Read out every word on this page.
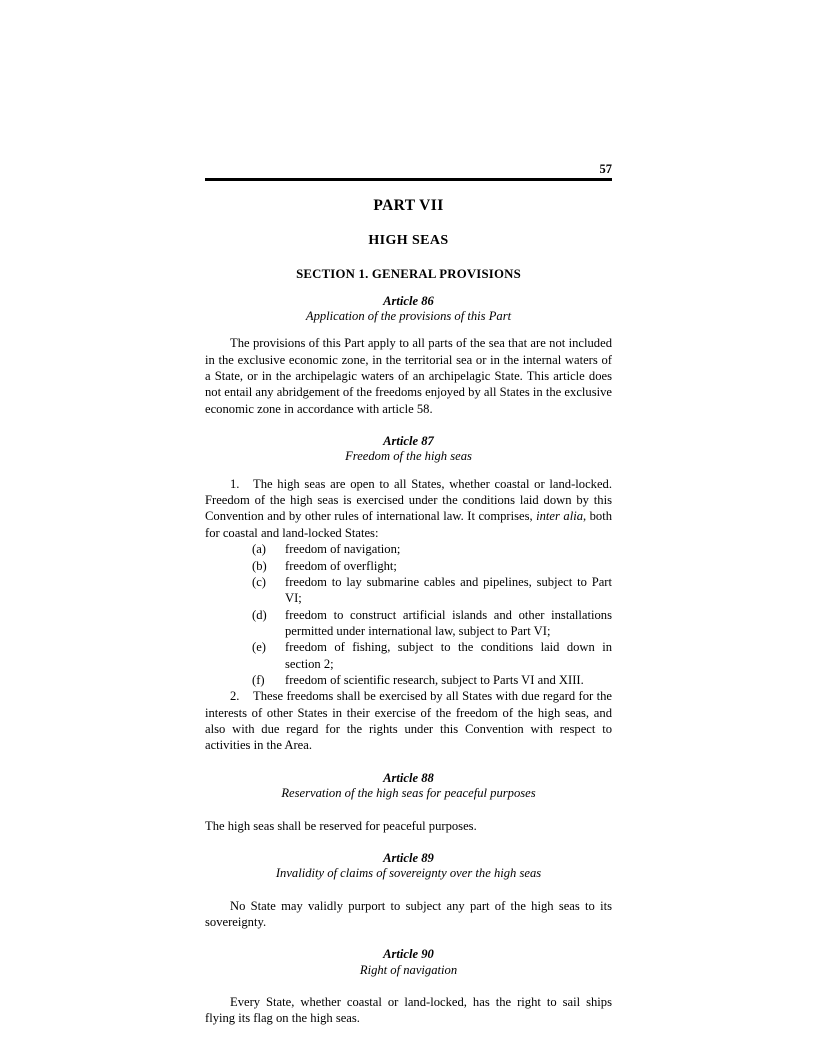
57
PART VII
HIGH SEAS
SECTION 1. GENERAL PROVISIONS
Article 86
Application of the provisions of this Part

The provisions of this Part apply to all parts of the sea that are not included in the exclusive economic zone, in the territorial sea or in the internal waters of a State, or in the archipelagic waters of an archipelagic State. This article does not entail any abridgement of the freedoms enjoyed by all States in the exclusive economic zone in accordance with article 58.

Article 87
Freedom of the high seas

1. The high seas are open to all States, whether coastal or land-locked. Freedom of the high seas is exercised under the conditions laid down by this Convention and by other rules of international law. It comprises, inter alia, both for coastal and land-locked States:

(a) freedom of navigation;
(b) freedom of overflight;
(c) freedom to lay submarine cables and pipelines, subject to Part VI;
(d) freedom to construct artificial islands and other installations permitted under international law, subject to Part VI;
(e) freedom of fishing, subject to the conditions laid down in section 2;
(f) freedom of scientific research, subject to Parts VI and XIII.

2. These freedoms shall be exercised by all States with due regard for the interests of other States in their exercise of the freedom of the high seas, and also with due regard for the rights under this Convention with respect to activities in the Area.

Article 88
Reservation of the high seas for peaceful purposes

The high seas shall be reserved for peaceful purposes.

Article 89
Invalidity of claims of sovereignty over the high seas

No State may validly purport to subject any part of the high seas to its sovereignty.

Article 90
Right of navigation

Every State, whether coastal or land-locked, has the right to sail ships flying its flag on the high seas.
